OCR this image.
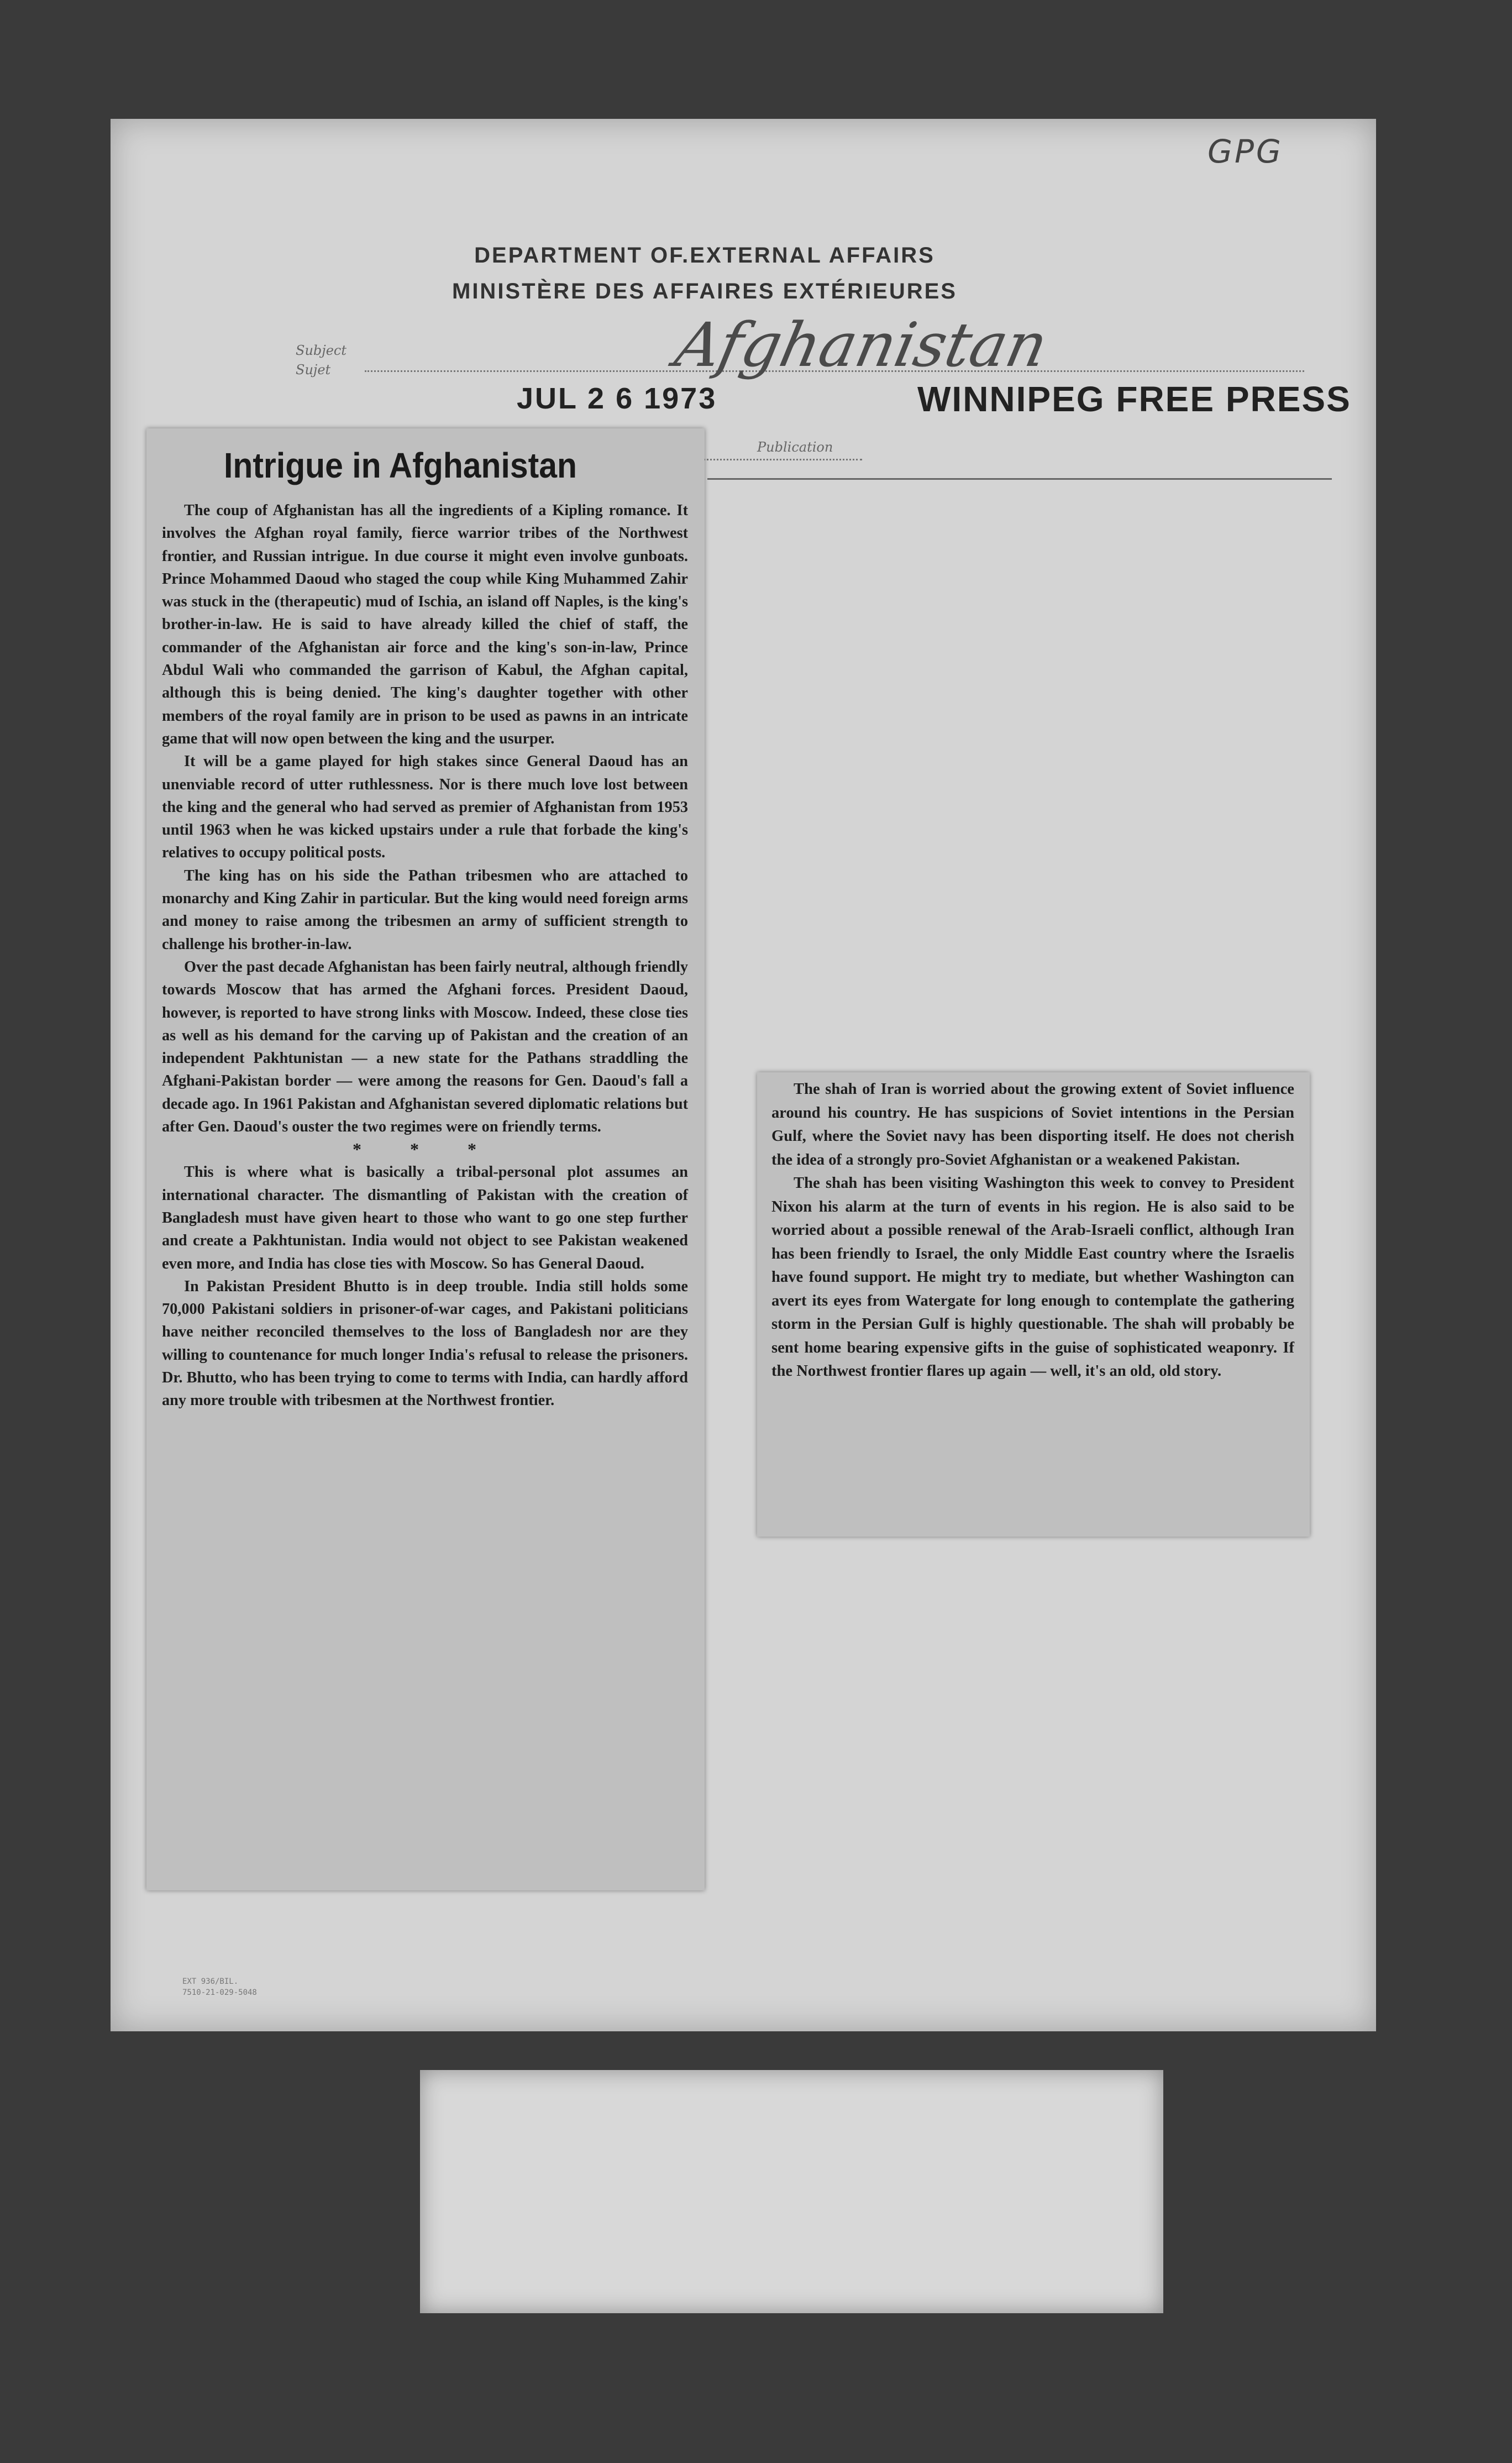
GPG
DEPARTMENT OF.EXTERNAL AFFAIRS
MINISTÈRE DES AFFAIRES EXTÉRIEURES
Subject
Sujet	Afghanistan
JUL 2 6 1973	WINNIPEG FREE PRESS
Publication
Intrigue in Afghanistan

The coup of Afghanistan has all the ingredients of a Kipling romance. It involves the Afghan royal family, fierce warrior tribes of the Northwest frontier, and Russian intrigue. In due course it might even involve gunboats. Prince Mohammed Daoud who staged the coup while King Muhammed Zahir was stuck in the (therapeutic) mud of Ischia, an island off Naples, is the king's brother-in-law. He is said to have already killed the chief of staff, the commander of the Afghanistan air force and the king's son-in-law, Prince Abdul Wali who commanded the garrison of Kabul, the Afghan capital, although this is being denied. The king's daughter together with other members of the royal family are in prison to be used as pawns in an intricate game that will now open between the king and the usurper.

It will be a game played for high stakes since General Daoud has an unenviable record of utter ruthlessness. Nor is there much love lost between the king and the general who had served as premier of Afghanistan from 1953 until 1963 when he was kicked upstairs under a rule that forbade the king's relatives to occupy political posts.

The king has on his side the Pathan tribesmen who are attached to monarchy and King Zahir in particular. But the king would need foreign arms and money to raise among the tribesmen an army of sufficient strength to challenge his brother-in-law.

Over the past decade Afghanistan has been fairly neutral, although friendly towards Moscow that has armed the Afghani forces. President Daoud, however, is reported to have strong links with Moscow. Indeed, these close ties as well as his demand for the carving up of Pakistan and the creation of an independent Pakhtunistan — a new state for the Pathans straddling the Afghani-Pakistan border — were among the reasons for Gen. Daoud's fall a decade ago. In 1961 Pakistan and Afghanistan severed diplomatic relations but after Gen. Daoud's ouster the two regimes were on friendly terms.

* * *

This is where what is basically a tribal-personal plot assumes an international character. The dismantling of Pakistan with the creation of Bangladesh must have given heart to those who want to go one step further and create a Pakhtunistan. India would not object to see Pakistan weakened even more, and India has close ties with Moscow. So has General Daoud.

In Pakistan President Bhutto is in deep trouble. India still holds some 70,000 Pakistani soldiers in prisoner-of-war cages, and Pakistani politicians have neither reconciled themselves to the loss of Bangladesh nor are they willing to countenance for much longer India's refusal to release the prisoners. Dr. Bhutto, who has been trying to come to terms with India, can hardly afford any more trouble with tribesmen at the Northwest frontier.

The shah of Iran is worried about the growing extent of Soviet influence around his country. He has suspicions of Soviet intentions in the Persian Gulf, where the Soviet navy has been disporting itself. He does not cherish the idea of a strongly pro-Soviet Afghanistan or a weakened Pakistan.

The shah has been visiting Washington this week to convey to President Nixon his alarm at the turn of events in his region. He is also said to be worried about a possible renewal of the Arab-Israeli conflict, although Iran has been friendly to Israel, the only Middle East country where the Israelis have found support. He might try to mediate, but whether Washington can avert its eyes from Watergate for long enough to contemplate the gathering storm in the Persian Gulf is highly questionable. The shah will probably be sent home bearing expensive gifts in the guise of sophisticated weaponry. If the Northwest frontier flares up again — well, it's an old, old story.

EXT 936/BIL.
7510-21-029-5048
